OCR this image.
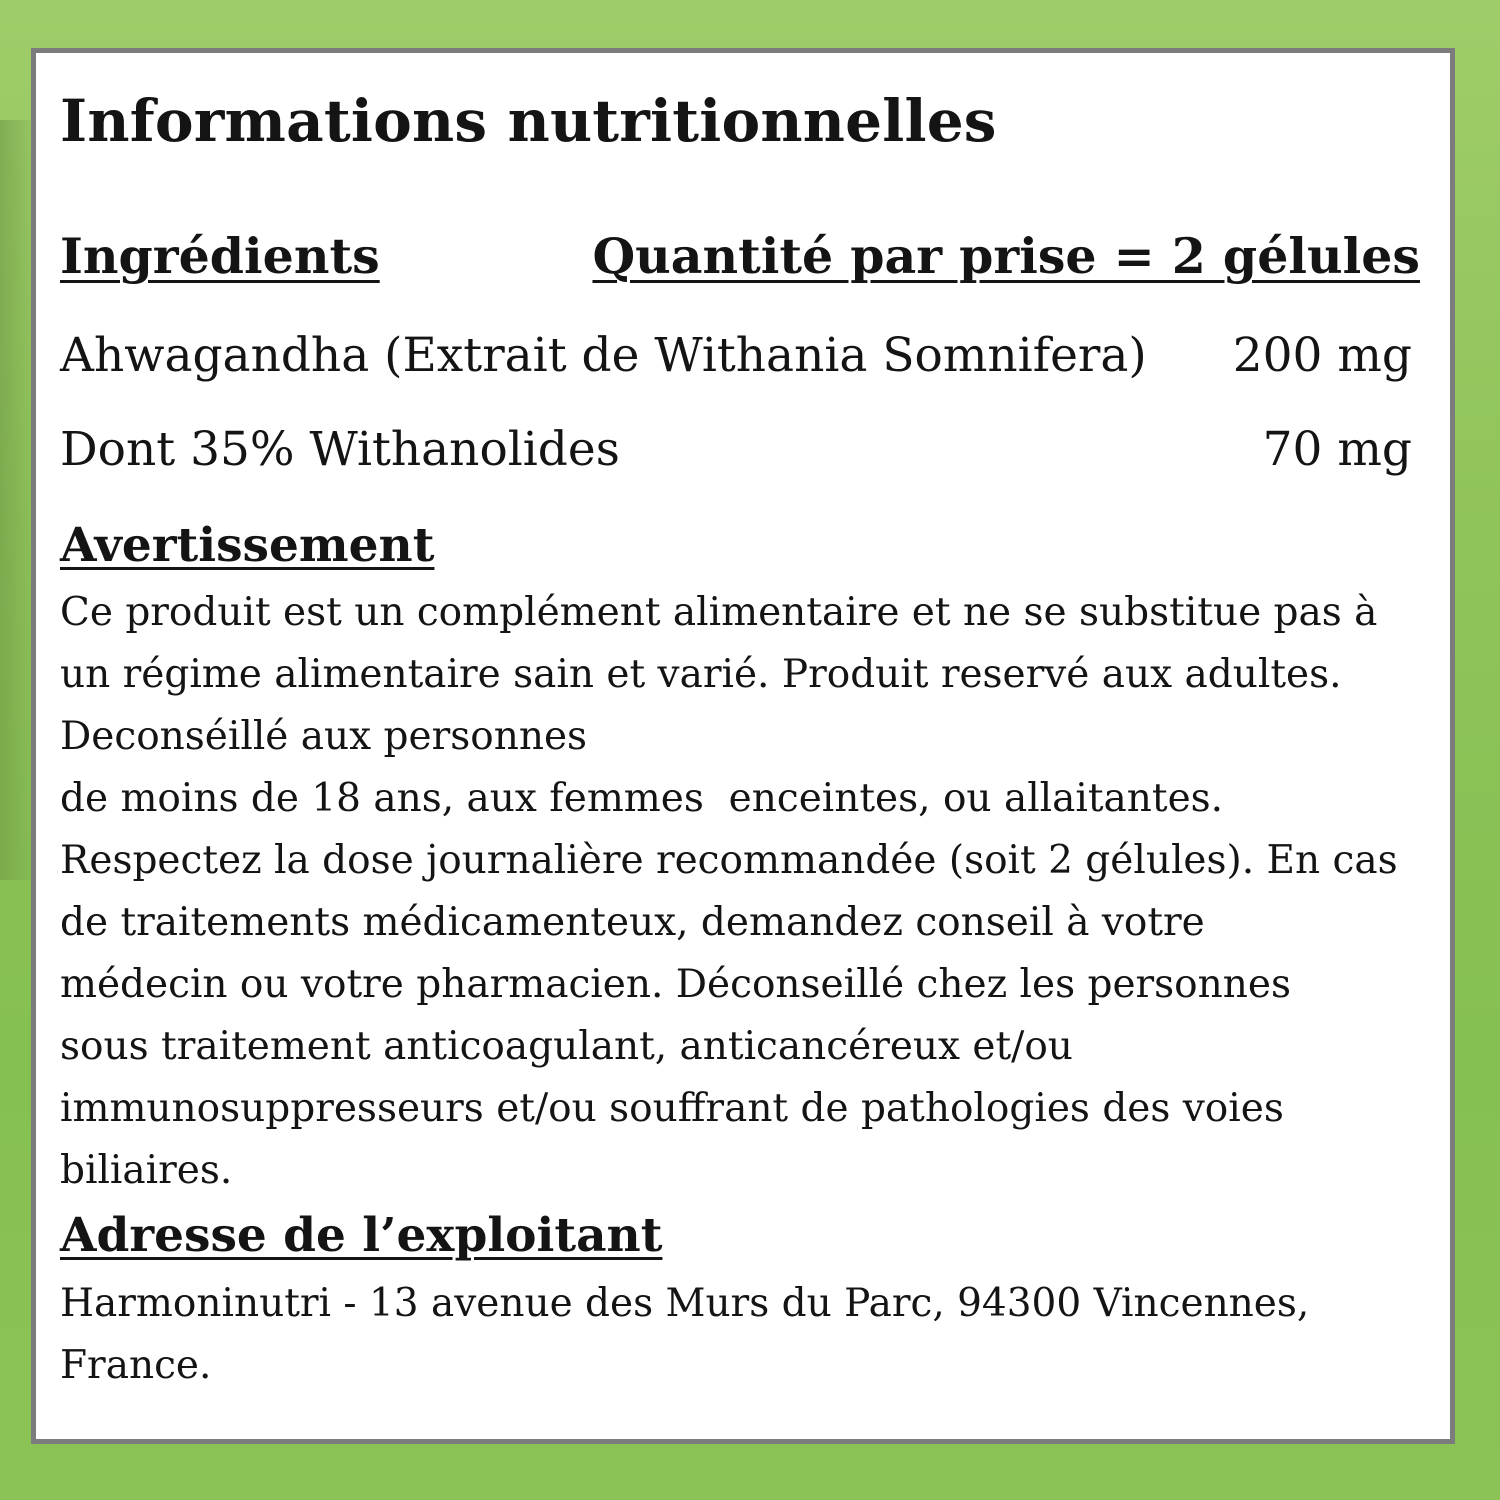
Informations nutritionnelles
Ingrédients	Quantité par prise = 2 gélules
Ahwagandha (Extrait de Withania Somnifera) 200 mg
Dont 35% Withanolides	70 mg
Avertissement
Ce produit est un complément alimentaire et ne se substitue pas à
un régime alimentaire sain et varié. Produit reservé aux adultes.
Deconséillé aux personnes
de moins de 18 ans, aux femmes  enceintes, ou allaitantes.
Respectez la dose journalière recommandée (soit 2 gélules). En cas
de traitements médicamenteux, demandez conseil à votre
médecin ou votre pharmacien. Déconseillé chez les personnes
sous traitement anticoagulant, anticancéreux et/ou
immunosuppresseurs et/ou souffrant de pathologies des voies
biliaires.
Adresse de l’exploitant
Harmoninutri - 13 avenue des Murs du Parc, 94300 Vincennes,
France.
